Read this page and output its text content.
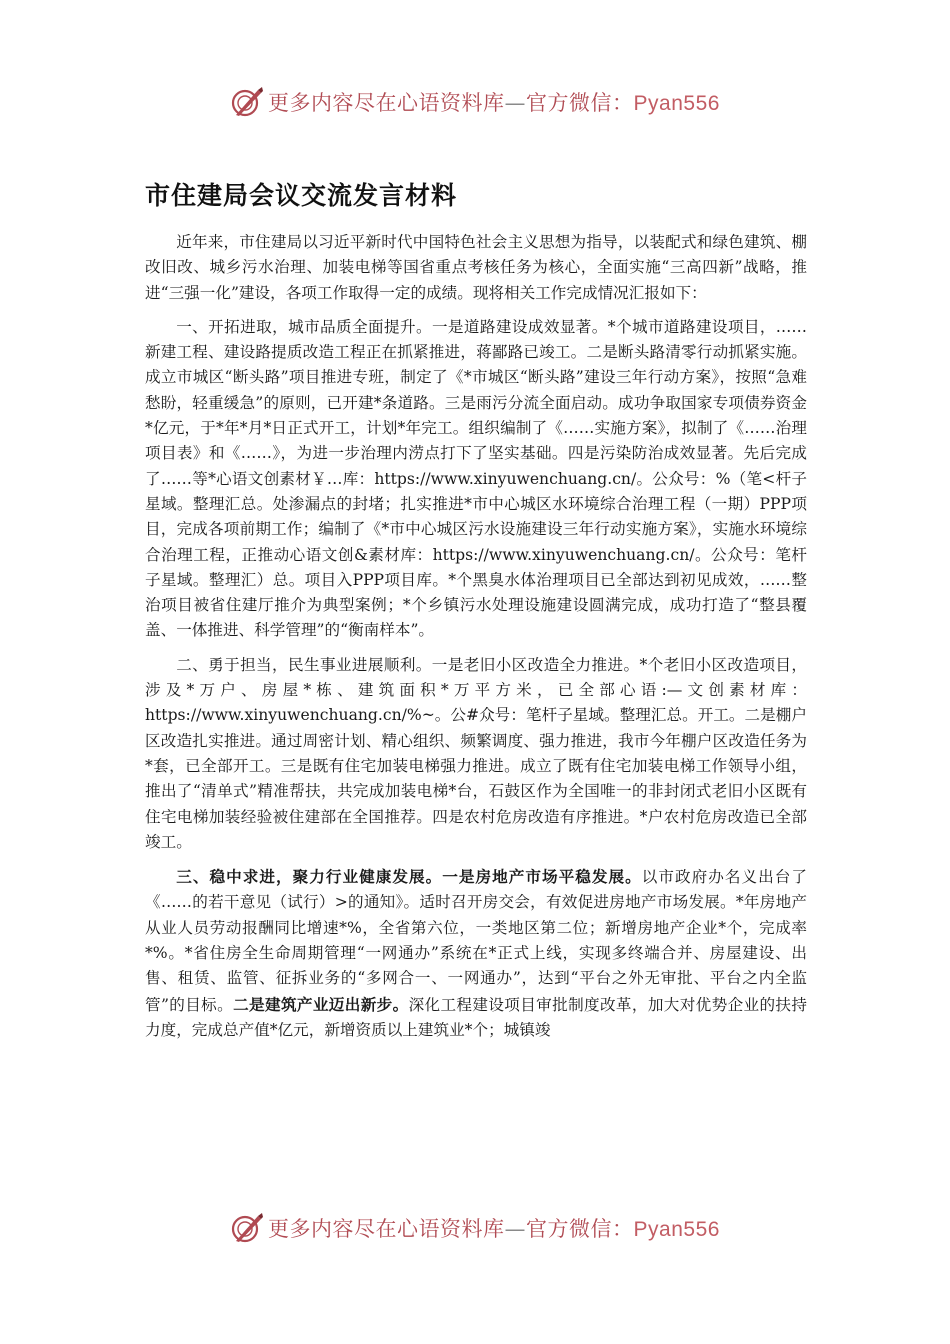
更多内容尽在心语资料库—官方微信：Pyan556
市住建局会议交流发言材料

近年来，市住建局以习近平新时代中国特色社会主义思想为指导，以装配式和绿色建筑、棚改旧改、城乡污水治理、加装电梯等国省重点考核任务为核心，全面实施“三高四新”战略，推进“三强一化”建设，各项工作取得一定的成绩。现将相关工作完成情况汇报如下：

一、开拓进取，城市品质全面提升。一是道路建设成效显著。*个城市道路建设项目，……新建工程、建设路提质改造工程正在抓紧推进，蒋鄙路已竣工。二是断头路清零行动抓紧实施。成立市城区“断头路”项目推进专班，制定了《*市城区“断头路”建设三年行动方案》，按照“急难愁盼，轻重缓急”的原则，已开建*条道路。三是雨污分流全面启动。成功争取国家专项债券资金*亿元，于*年*月*日正式开工，计划*年完工。组织编制了《……实施方案》，拟制了《……治理项目表》和《……》，为进一步治理内涝点打下了坚实基础。四是污染防治成效显著。先后完成了……等*心语文创素材￥…库：https://www.xinyuwenchuang.cn/。公众号：%（笔<杆子星域。整理汇总。处渗漏点的封堵；扎实推进*市中心城区水环境综合治理工程（一期）PPP项目，完成各项前期工作；编制了《*市中心城区污水设施建设三年行动实施方案》，实施水环境综合治理工程，正推动心语文创&素材库：https://www.xinyuwenchuang.cn/。公众号：笔杆子星域。整理汇）总。项目入PPP项目库。*个黑臭水体治理项目已全部达到初见成效，……整治项目被省住建厅推介为典型案例；*个乡镇污水处理设施建设圆满完成，成功打造了“整县覆盖、一体推进、科学管理”的“衡南样本”。

二、勇于担当，民生事业进展顺利。一是老旧小区改造全力推进。*个老旧小区改造项目，涉及*万户、房屋*栋、建筑面积*万平方米，已全部心语:—文创素材库：https://www.xinyuwenchuang.cn/%~。公#众号：笔杆子星域。整理汇总。开工。二是棚户区改造扎实推进。通过周密计划、精心组织、频繁调度、强力推进，我市今年棚户区改造任务为*套，已全部开工。三是既有住宅加装电梯强力推进。成立了既有住宅加装电梯工作领导小组，推出了“清单式”精准帮扶，共完成加装电梯*台，石鼓区作为全国唯一的非封闭式老旧小区既有住宅电梯加装经验被住建部在全国推荐。四是农村危房改造有序推进。*户农村危房改造已全部竣工。

三、稳中求进，聚力行业健康发展。一是房地产市场平稳发展。以市政府办名义出台了《……的若干意见（试行）>的通知》。适时召开房交会，有效促进房地产市场发展。*年房地产从业人员劳动报酬同比增速*%，全省第六位，一类地区第二位；新增房地产企业*个，完成率*%。*省住房全生命周期管理“一网通办”系统在*正式上线，实现多终端合并、房屋建设、出售、租赁、监管、征拆业务的“多网合一、一网通办”，达到“平台之外无审批、平台之内全监管”的目标。二是建筑产业迈出新步。深化工程建设项目审批制度改革，加大对优势企业的扶持力度，完成总产值*亿元，新增资质以上建筑业*个；城镇竣

更多内容尽在心语资料库—官方微信：Pyan556
